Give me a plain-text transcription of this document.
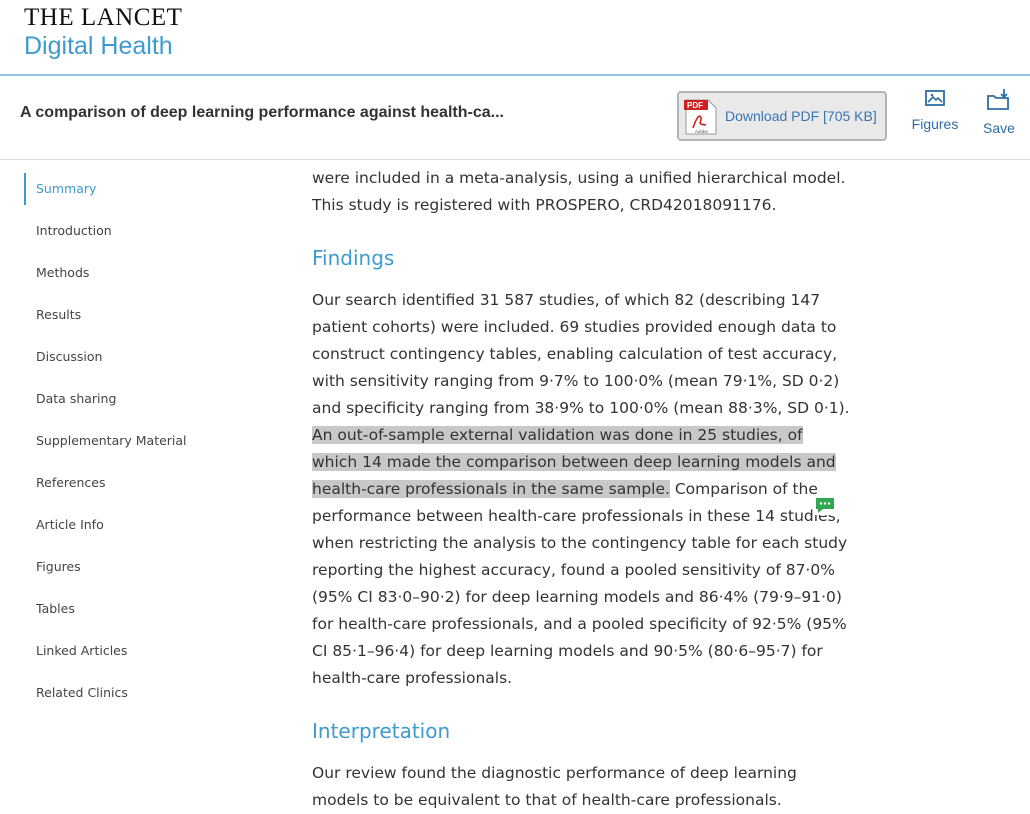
THE LANCET
Digital Health
A comparison of deep learning performance against health-ca...	PDF
Adobe
Download PDF [705 KB] Figures Save
Summary
Introduction
Methods
Results
Discussion
Data sharing
Supplementary Material
References
Article Info
Figures
Tables
Linked Articles
Related Clinics
were included in a meta-analysis, using a unified hierarchical model.
This study is registered with PROSPERO, CRD42018091176.
Findings
Our search identified 31 587 studies, of which 82 (describing 147
patient cohorts) were included. 69 studies provided enough data to
construct contingency tables, enabling calculation of test accuracy,
with sensitivity ranging from 9·7% to 100·0% (mean 79·1%, SD 0·2)
and specificity ranging from 38·9% to 100·0% (mean 88·3%, SD 0·1).
An out-of-sample external validation was done in 25 studies, of
which 14 made the comparison between deep learning models and
health-care professionals in the same sample. Comparison of the
performance between health-care professionals in these 14 studies,
when restricting the analysis to the contingency table for each study
reporting the highest accuracy, found a pooled sensitivity of 87·0%
(95% CI 83·0–90·2) for deep learning models and 86·4% (79·9–91·0)
for health-care professionals, and a pooled specificity of 92·5% (95%
CI 85·1–96·4) for deep learning models and 90·5% (80·6–95·7) for
health-care professionals.
Interpretation
Our review found the diagnostic performance of deep learning
models to be equivalent to that of health-care professionals.
